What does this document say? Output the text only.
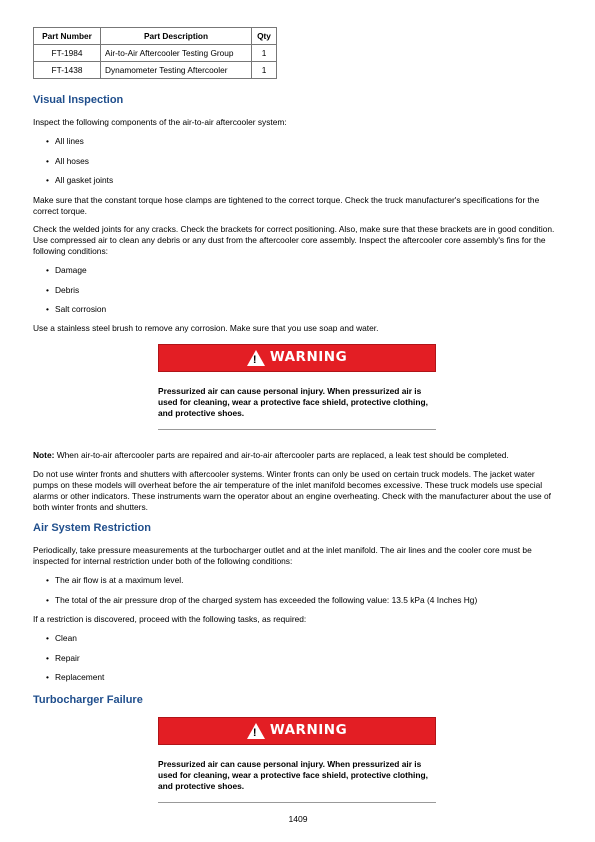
Part Number	Part Description	Qty
FT-1984	Air-to-Air Aftercooler Testing Group	1
FT-1438	Dynamometer Testing Aftercooler	1
Visual Inspection

Inspect the following components of the air-to-air aftercooler system:

• All lines
• All hoses
• All gasket joints

Make sure that the constant torque hose clamps are tightened to the correct torque. Check the truck manufacturer's specifications for the correct torque.

Check the welded joints for any cracks. Check the brackets for correct positioning. Also, make sure that these brackets are in good condition. Use compressed air to clean any debris or any dust from the aftercooler core assembly. Inspect the aftercooler core assembly's fins for the following conditions:

• Damage
• Debris
• Salt corrosion

Use a stainless steel brush to remove any corrosion. Make sure that you use soap and water.

! WARNING
Pressurized air can cause personal injury. When pressurized air is used for cleaning, wear a protective face shield, protective clothing, and protective shoes.

Note: When air-to-air aftercooler parts are repaired and air-to-air aftercooler parts are replaced, a leak test should be completed.

Do not use winter fronts and shutters with aftercooler systems. Winter fronts can only be used on certain truck models. The jacket water pumps on these models will overheat before the air temperature of the inlet manifold becomes excessive. These truck models use special alarms or other indicators. These instruments warn the operator about an engine overheating. Check with the manufacturer about the use of both winter fronts and shutters.

Air System Restriction

Periodically, take pressure measurements at the turbocharger outlet and at the inlet manifold. The air lines and the cooler core must be inspected for internal restriction under both of the following conditions:

• The air flow is at a maximum level.
• The total of the air pressure drop of the charged system has exceeded the following value: 13.5 kPa (4 Inches Hg)

If a restriction is discovered, proceed with the following tasks, as required:

• Clean
• Repair
• Replacement
Turbocharger Failure
! WARNING
Pressurized air can cause personal injury. When pressurized air is used for cleaning, wear a protective face shield, protective clothing, and protective shoes.
1409
